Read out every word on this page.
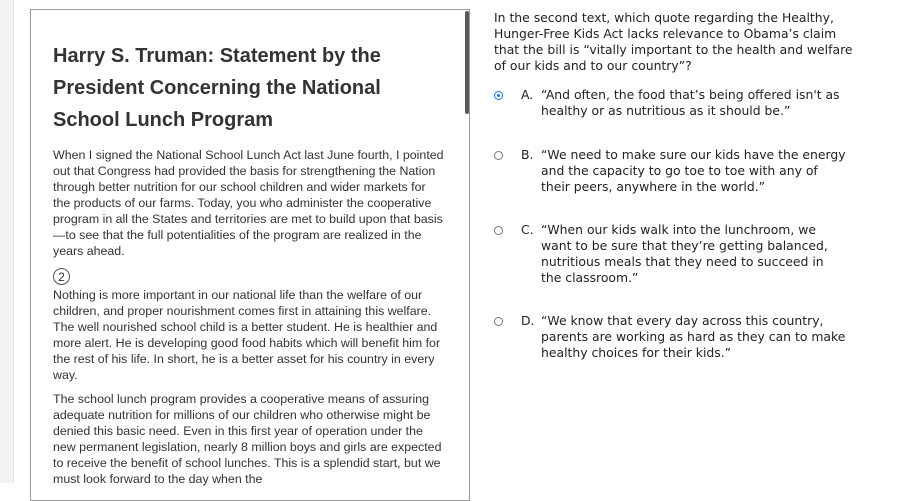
Harry S. Truman: Statement by the President Concerning the National School Lunch Program

When I signed the National School Lunch Act last June fourth, I pointed out that Congress had provided the basis for strengthening the Nation through better nutrition for our school children and wider markets for the products of our farms. Today, you who administer the cooperative program in all the States and territories are met to build upon that basis—to see that the full potentialities of the program are realized in the years ahead.

2

Nothing is more important in our national life than the welfare of our children, and proper nourishment comes first in attaining this welfare. The well nourished school child is a better student. He is healthier and more alert. He is developing good food habits which will benefit him for the rest of his life. In short, he is a better asset for his country in every way.

The school lunch program provides a cooperative means of assuring adequate nutrition for millions of our children who otherwise might be denied this basic need. Even in this first year of operation under the new permanent legislation, nearly 8 million boys and girls are expected to receive the benefit of school lunches. This is a splendid start, but we must look forward to the day when the

In the second text, which quote regarding the Healthy, Hunger-Free Kids Act lacks relevance to Obama’s claim that the bill is “vitally important to the health and welfare of our kids and to our country”?

A. “And often, the food that’s being offered isn't as healthy or as nutritious as it should be.”
B. “We need to make sure our kids have the energy and the capacity to go toe to toe with any of their peers, anywhere in the world.”
C. “When our kids walk into the lunchroom, we want to be sure that they’re getting balanced, nutritious meals that they need to succeed in the classroom.”
D. “We know that every day across this country, parents are working as hard as they can to make healthy choices for their kids.”
